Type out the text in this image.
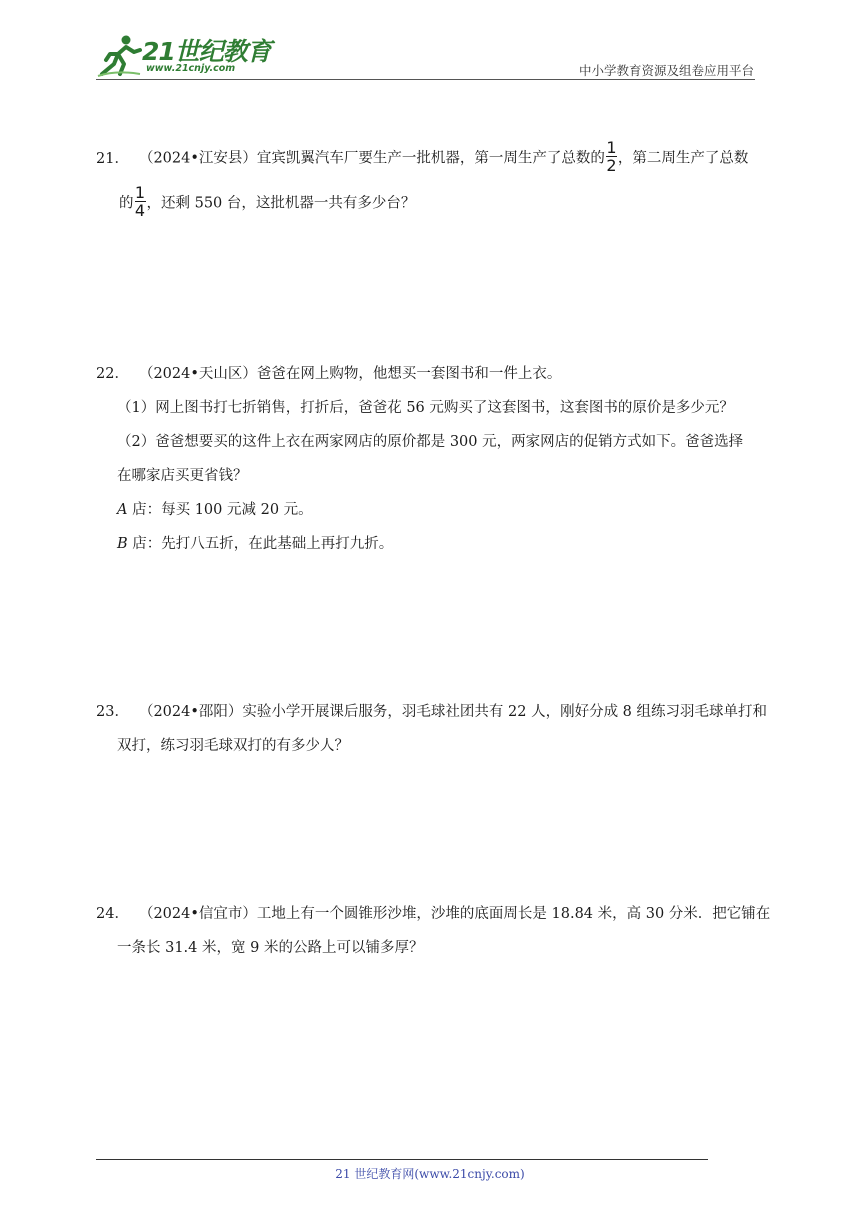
21世纪教育
www.21cnjy.com	中小学教育资源及组卷应用平台
21． （2024•江安县）宜宾凯翼汽车厂要生产一批机器，第一周生产了总数的 $\frac{1}{2}$ ，第二周生产了总数
的 $\frac{1}{4}$ ，还剩 550 台，这批机器一共有多少台？
22． （2024•天山区）爸爸在网上购物，他想买一套图书和一件上衣。
（1）网上图书打七折销售，打折后，爸爸花 56 元购买了这套图书，这套图书的原价是多少元？
（2）爸爸想要买的这件上衣在两家网店的原价都是 300 元，两家网店的促销方式如下。爸爸选择
在哪家店买更省钱？
A 店：每买 100 元减 20 元。
B 店：先打八五折，在此基础上再打九折。
23． （2024•邵阳）实验小学开展课后服务，羽毛球社团共有 22 人，刚好分成 8 组练习羽毛球单打和
双打，练习羽毛球双打的有多少人？
24． （2024•信宜市）工地上有一个圆锥形沙堆，沙堆的底面周长是 18.84 米，高 30 分米．把它铺在
一条长 31.4 米，宽 9 米的公路上可以铺多厚？
21 世纪教育网(www.21cnjy.com)
